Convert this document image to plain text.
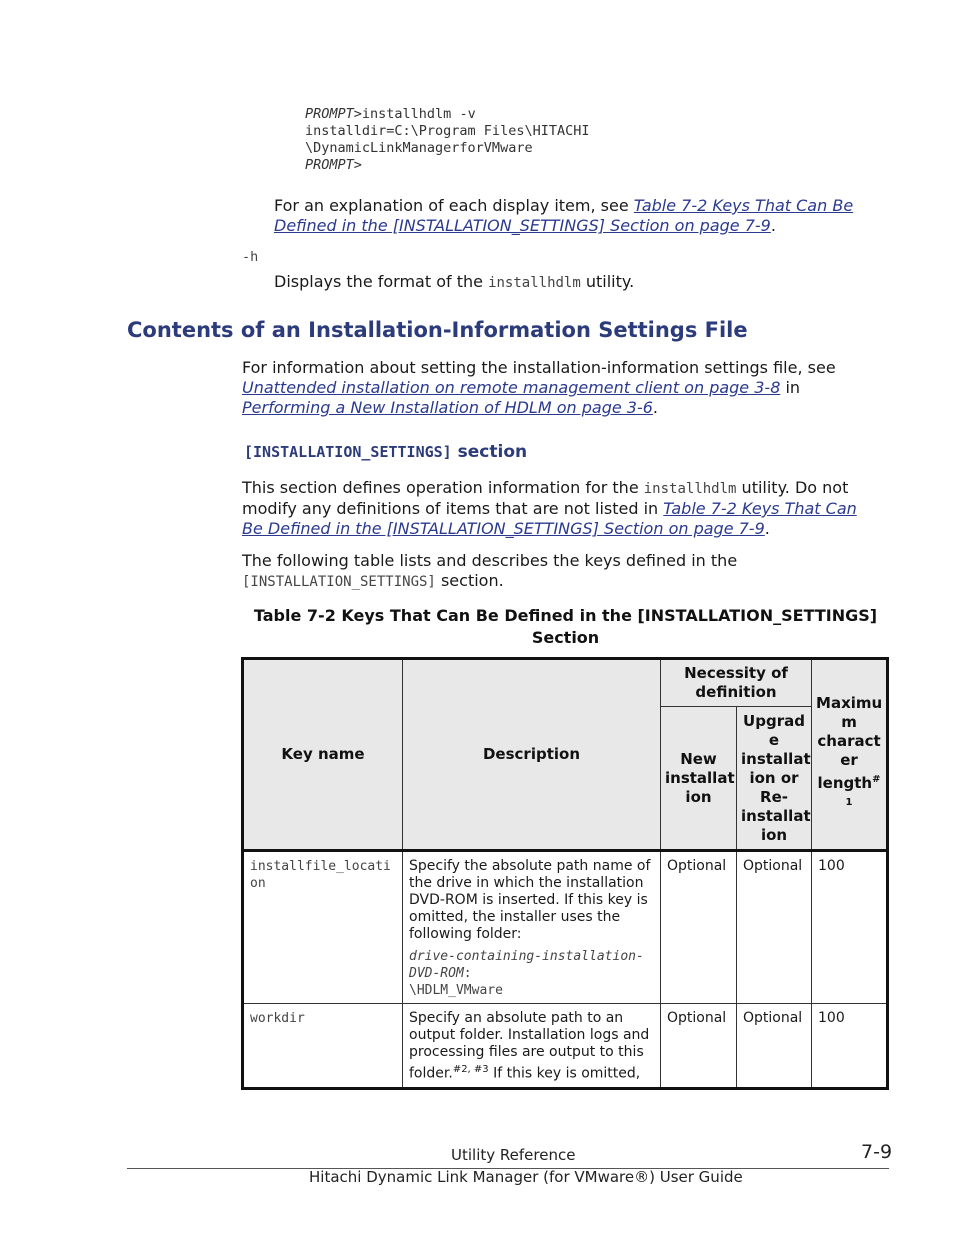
PROMPT>installhdlm -v
installdir=C:\Program Files\HITACHI
\DynamicLinkManagerforVMware
PROMPT>
For an explanation of each display item, see Table 7-2 Keys That Can Be
Defined in the [INSTALLATION_SETTINGS] Section on page 7-9.
-h
Displays the format of the installhdlm utility.
Contents of an Installation-Information Settings File
For information about setting the installation-information settings file, see
Unattended installation on remote management client on page 3-8 in
Performing a New Installation of HDLM on page 3-6.
[INSTALLATION_SETTINGS] section
This section defines operation information for the installhdlm utility. Do not
modify any definitions of items that are not listed in Table 7-2 Keys That Can
Be Defined in the [INSTALLATION_SETTINGS] Section on page 7-9.
The following table lists and describes the keys defined in the
[INSTALLATION_SETTINGS] section.
Table 7-2 Keys That Can Be Defined in the [INSTALLATION_SETTINGS]
Section
Key name	Description	Necessity of definition		Maximu m charact er length$^{\# 1}$
		New installat ion	Upgrad e installat ion or Re- installat ion	
installfile_location	Specify the absolute path name of the drive in which the installation DVD-ROM is inserted. If this key is omitted, the installer uses the following folder:
drive-containing-installation-DVD-ROM:
\HDLM_VMware	Optional	Optional	100
workdir	Specify an absolute path to an output folder. Installation logs and processing files are output to this folder.$^{\#2, \#3}$ If this key is omitted,	Optional	Optional	100
Utility Reference	7-9
Hitachi Dynamic Link Manager (for VMware®) User Guide
